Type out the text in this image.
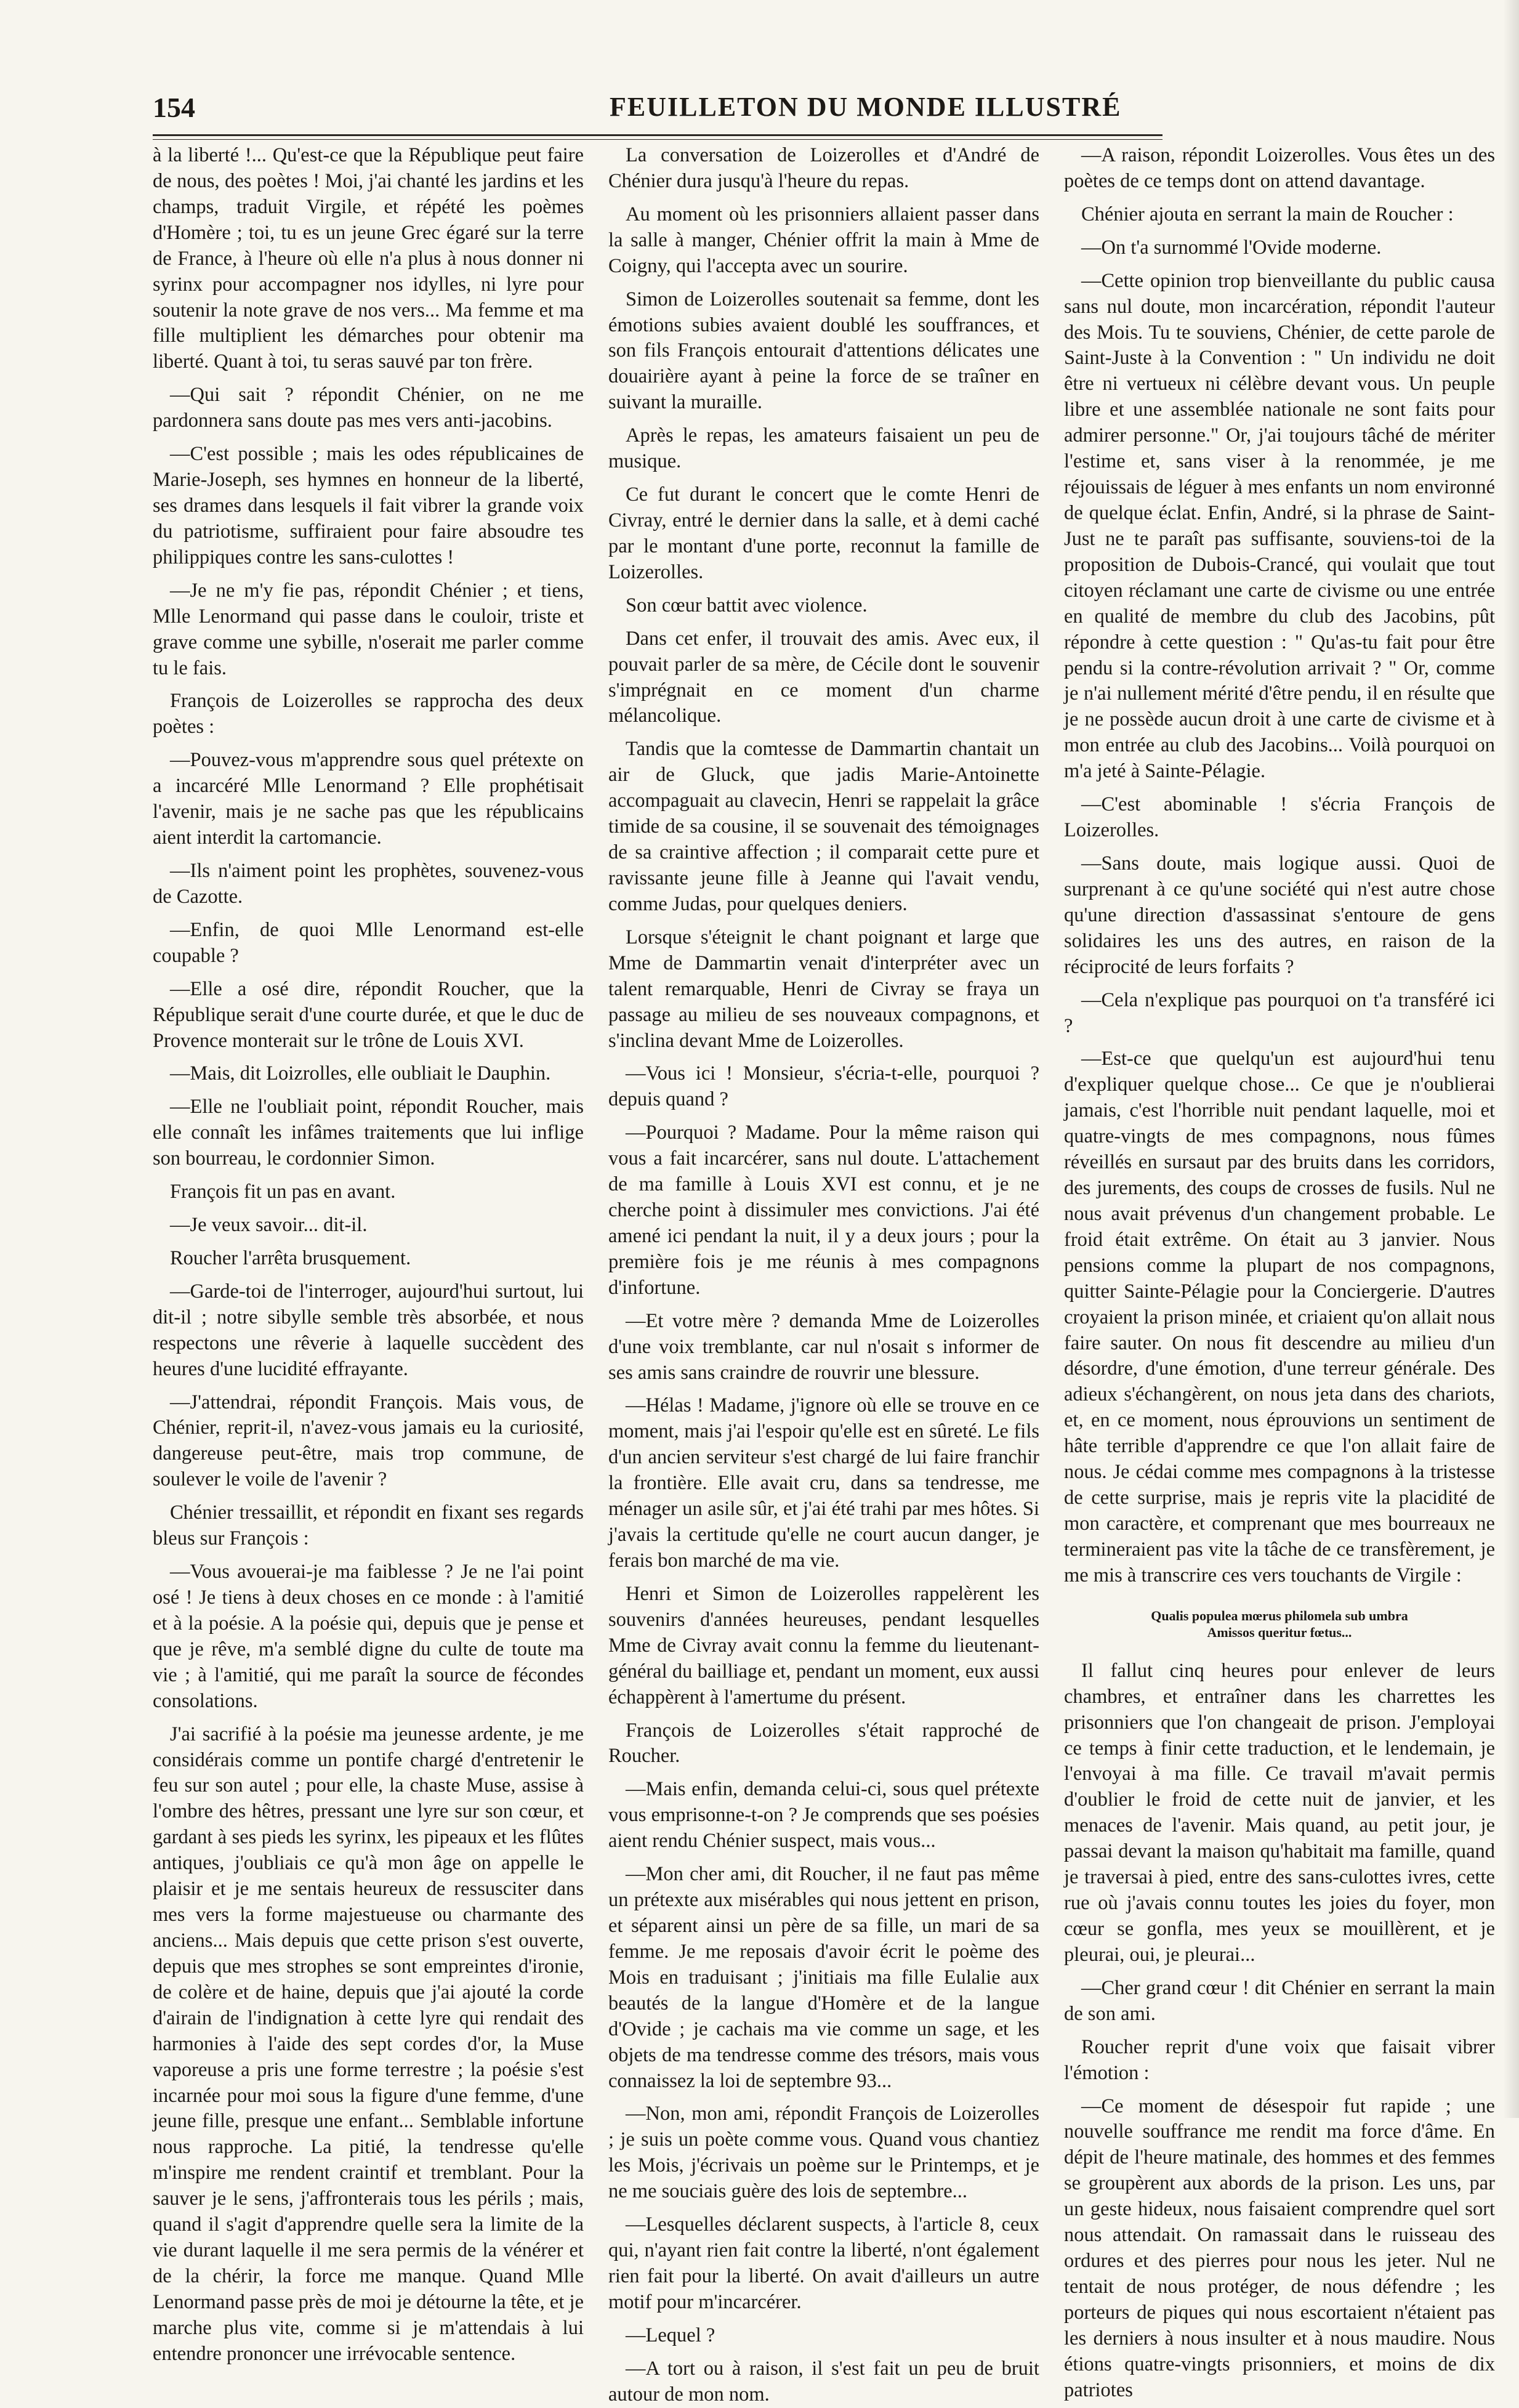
154	FEUILLETON DU MONDE ILLUSTRÉ

à la liberté !... Qu'est-ce que la République peut faire de nous, des poètes ! Moi, j'ai chanté les jardins et les champs, traduit Virgile, et répété les poèmes d'Homère ; toi, tu es un jeune Grec égaré sur la terre de France, à l'heure où elle n'a plus à nous donner ni syrinx pour accompagner nos idylles, ni lyre pour soutenir la note grave de nos vers... Ma femme et ma fille multiplient les démarches pour obtenir ma liberté. Quant à toi, tu seras sauvé par ton frère.

—Qui sait ? répondit Chénier, on ne me pardonnera sans doute pas mes vers anti-jacobins.

—C'est possible ; mais les odes républicaines de Marie-Joseph, ses hymnes en honneur de la liberté, ses drames dans lesquels il fait vibrer la grande voix du patriotisme, suffiraient pour faire absoudre tes philippiques contre les sans-culottes !

—Je ne m'y fie pas, répondit Chénier ; et tiens, Mlle Lenormand qui passe dans le couloir, triste et grave comme une sybille, n'oserait me parler comme tu le fais.

François de Loizerolles se rapprocha des deux poètes :

—Pouvez-vous m'apprendre sous quel prétexte on a incarcéré Mlle Lenormand ? Elle prophétisait l'avenir, mais je ne sache pas que les républicains aient interdit la cartomancie.

—Ils n'aiment point les prophètes, souvenez-vous de Cazotte.

—Enfin, de quoi Mlle Lenormand est-elle coupable ?

—Elle a osé dire, répondit Roucher, que la République serait d'une courte durée, et que le duc de Provence monterait sur le trône de Louis XVI.

—Mais, dit Loizrolles, elle oubliait le Dauphin.

—Elle ne l'oubliait point, répondit Roucher, mais elle connaît les infâmes traitements que lui inflige son bourreau, le cordonnier Simon.

François fit un pas en avant.

—Je veux savoir... dit-il.

Roucher l'arrêta brusquement.

—Garde-toi de l'interroger, aujourd'hui surtout, lui dit-il ; notre sibylle semble très absorbée, et nous respectons une rêverie à laquelle succèdent des heures d'une lucidité effrayante.

—J'attendrai, répondit François. Mais vous, de Chénier, reprit-il, n'avez-vous jamais eu la curiosité, dangereuse peut-être, mais trop commune, de soulever le voile de l'avenir ?

Chénier tressaillit, et répondit en fixant ses regards bleus sur François :

—Vous avouerai-je ma faiblesse ? Je ne l'ai point osé ! Je tiens à deux choses en ce monde : à l'amitié et à la poésie. A la poésie qui, depuis que je pense et que je rêve, m'a semblé digne du culte de toute ma vie ; à l'amitié, qui me paraît la source de fécondes consolations.

J'ai sacrifié à la poésie ma jeunesse ardente, je me considérais comme un pontife chargé d'entretenir le feu sur son autel ; pour elle, la chaste Muse, assise à l'ombre des hêtres, pressant une lyre sur son cœur, et gardant à ses pieds les syrinx, les pipeaux et les flûtes antiques, j'oubliais ce qu'à mon âge on appelle le plaisir et je me sentais heureux de ressusciter dans mes vers la forme majestueuse ou charmante des anciens... Mais depuis que cette prison s'est ouverte, depuis que mes strophes se sont empreintes d'ironie, de colère et de haine, depuis que j'ai ajouté la corde d'airain de l'indignation à cette lyre qui rendait des harmonies à l'aide des sept cordes d'or, la Muse vaporeuse a pris une forme terrestre ; la poésie s'est incarnée pour moi sous la figure d'une femme, d'une jeune fille, presque une enfant... Semblable infortune nous rapproche. La pitié, la tendresse qu'elle m'inspire me rendent craintif et tremblant. Pour la sauver je le sens, j'affronterais tous les périls ; mais, quand il s'agit d'apprendre quelle sera la limite de la vie durant laquelle il me sera permis de la vénérer et de la chérir, la force me manque. Quand Mlle Lenormand passe près de moi je détourne la tête, et je marche plus vite, comme si je m'attendais à lui entendre prononcer une irrévocable sentence.

La conversation de Loizerolles et d'André de Chénier dura jusqu'à l'heure du repas.

Au moment où les prisonniers allaient passer dans la salle à manger, Chénier offrit la main à Mme de Coigny, qui l'accepta avec un sourire.

Simon de Loizerolles soutenait sa femme, dont les émotions subies avaient doublé les souffrances, et son fils François entourait d'attentions délicates une douairière ayant à peine la force de se traîner en suivant la muraille.

Après le repas, les amateurs faisaient un peu de musique.

Ce fut durant le concert que le comte Henri de Civray, entré le dernier dans la salle, et à demi caché par le montant d'une porte, reconnut la famille de Loizerolles.

Son cœur battit avec violence.

Dans cet enfer, il trouvait des amis. Avec eux, il pouvait parler de sa mère, de Cécile dont le souvenir s'imprégnait en ce moment d'un charme mélancolique.

Tandis que la comtesse de Dammartin chantait un air de Gluck, que jadis Marie-Antoinette accompaguait au clavecin, Henri se rappelait la grâce timide de sa cousine, il se souvenait des témoignages de sa craintive affection ; il comparait cette pure et ravissante jeune fille à Jeanne qui l'avait vendu, comme Judas, pour quelques deniers.

Lorsque s'éteignit le chant poignant et large que Mme de Dammartin venait d'interpréter avec un talent remarquable, Henri de Civray se fraya un passage au milieu de ses nouveaux compagnons, et s'inclina devant Mme de Loizerolles.

—Vous ici ! Monsieur, s'écria-t-elle, pourquoi ? depuis quand ?

—Pourquoi ? Madame. Pour la même raison qui vous a fait incarcérer, sans nul doute. L'attachement de ma famille à Louis XVI est connu, et je ne cherche point à dissimuler mes convictions. J'ai été amené ici pendant la nuit, il y a deux jours ; pour la première fois je me réunis à mes compagnons d'infortune.

—Et votre mère ? demanda Mme de Loizerolles d'une voix tremblante, car nul n'osait s informer de ses amis sans craindre de rouvrir une blessure.

—Hélas ! Madame, j'ignore où elle se trouve en ce moment, mais j'ai l'espoir qu'elle est en sûreté. Le fils d'un ancien serviteur s'est chargé de lui faire franchir la frontière. Elle avait cru, dans sa tendresse, me ménager un asile sûr, et j'ai été trahi par mes hôtes. Si j'avais la certitude qu'elle ne court aucun danger, je ferais bon marché de ma vie.

Henri et Simon de Loizerolles rappelèrent les souvenirs d'années heureuses, pendant lesquelles Mme de Civray avait connu la femme du lieutenant-général du bailliage et, pendant un moment, eux aussi échappèrent à l'amertume du présent.

François de Loizerolles s'était rapproché de Roucher.

—Mais enfin, demanda celui-ci, sous quel prétexte vous emprisonne-t-on ? Je comprends que ses poésies aient rendu Chénier suspect, mais vous...

—Mon cher ami, dit Roucher, il ne faut pas même un prétexte aux misérables qui nous jettent en prison, et séparent ainsi un père de sa fille, un mari de sa femme. Je me reposais d'avoir écrit le poème des Mois en traduisant ; j'initiais ma fille Eulalie aux beautés de la langue d'Homère et de la langue d'Ovide ; je cachais ma vie comme un sage, et les objets de ma tendresse comme des trésors, mais vous connaissez la loi de septembre 93...

—Non, mon ami, répondit François de Loizerolles ; je suis un poète comme vous. Quand vous chantiez les Mois, j'écrivais un poème sur le Printemps, et je ne me souciais guère des lois de septembre...

—Lesquelles déclarent suspects, à l'article 8, ceux qui, n'ayant rien fait contre la liberté, n'ont également rien fait pour la liberté. On avait d'ailleurs un autre motif pour m'incarcérer.

—Lequel ?

—A tort ou à raison, il s'est fait un peu de bruit autour de mon nom.

—A raison, répondit Loizerolles. Vous êtes un des poètes de ce temps dont on attend davantage.

Chénier ajouta en serrant la main de Roucher :

—On t'a surnommé l'Ovide moderne.

—Cette opinion trop bienveillante du public causa sans nul doute, mon incarcération, répondit l'auteur des Mois. Tu te souviens, Chénier, de cette parole de Saint-Juste à la Convention : " Un individu ne doit être ni vertueux ni célèbre devant vous. Un peuple libre et une assemblée nationale ne sont faits pour admirer personne." Or, j'ai toujours tâché de mériter l'estime et, sans viser à la renommée, je me réjouissais de léguer à mes enfants un nom environné de quelque éclat. Enfin, André, si la phrase de Saint-Just ne te paraît pas suffisante, souviens-toi de la proposition de Dubois-Crancé, qui voulait que tout citoyen réclamant une carte de civisme ou une entrée en qualité de membre du club des Jacobins, pût répondre à cette question : " Qu'as-tu fait pour être pendu si la contre-révolution arrivait ? " Or, comme je n'ai nullement mérité d'être pendu, il en résulte que je ne possède aucun droit à une carte de civisme et à mon entrée au club des Jacobins... Voilà pourquoi on m'a jeté à Sainte-Pélagie.

—C'est abominable ! s'écria François de Loizerolles.

—Sans doute, mais logique aussi. Quoi de surprenant à ce qu'une société qui n'est autre chose qu'une direction d'assassinat s'entoure de gens solidaires les uns des autres, en raison de la réciprocité de leurs forfaits ?

—Cela n'explique pas pourquoi on t'a transféré ici ?

—Est-ce que quelqu'un est aujourd'hui tenu d'expliquer quelque chose... Ce que je n'oublierai jamais, c'est l'horrible nuit pendant laquelle, moi et quatre-vingts de mes compagnons, nous fûmes réveillés en sursaut par des bruits dans les corridors, des jurements, des coups de crosses de fusils. Nul ne nous avait prévenus d'un changement probable. Le froid était extrême. On était au 3 janvier. Nous pensions comme la plupart de nos compagnons, quitter Sainte-Pélagie pour la Conciergerie. D'autres croyaient la prison minée, et criaient qu'on allait nous faire sauter. On nous fit descendre au milieu d'un désordre, d'une émotion, d'une terreur générale. Des adieux s'échangèrent, on nous jeta dans des chariots, et, en ce moment, nous éprouvions un sentiment de hâte terrible d'apprendre ce que l'on allait faire de nous. Je cédai comme mes compagnons à la tristesse de cette surprise, mais je repris vite la placidité de mon caractère, et comprenant que mes bourreaux ne termineraient pas vite la tâche de ce transfèrement, je me mis à transcrire ces vers touchants de Virgile :

Qualis populea mœrus philomela sub umbra
Amissos queritur fœtus...

Il fallut cinq heures pour enlever de leurs chambres, et entraîner dans les charrettes les prisonniers que l'on changeait de prison. J'employai ce temps à finir cette traduction, et le lendemain, je l'envoyai à ma fille. Ce travail m'avait permis d'oublier le froid de cette nuit de janvier, et les menaces de l'avenir. Mais quand, au petit jour, je passai devant la maison qu'habitait ma famille, quand je traversai à pied, entre des sans-culottes ivres, cette rue où j'avais connu toutes les joies du foyer, mon cœur se gonfla, mes yeux se mouillèrent, et je pleurai, oui, je pleurai...

—Cher grand cœur ! dit Chénier en serrant la main de son ami.

Roucher reprit d'une voix que faisait vibrer l'émotion :

—Ce moment de désespoir fut rapide ; une nouvelle souffrance me rendit ma force d'âme. En dépit de l'heure matinale, des hommes et des femmes se groupèrent aux abords de la prison. Les uns, par un geste hideux, nous faisaient comprendre quel sort nous attendait. On ramassait dans le ruisseau des ordures et des pierres pour nous les jeter. Nul ne tentait de nous protéger, de nous défendre ; les porteurs de piques qui nous escortaient n'étaient pas les derniers à nous insulter et à nous maudire. Nous étions quatre-vingts prisonniers, et moins de dix patriotes
